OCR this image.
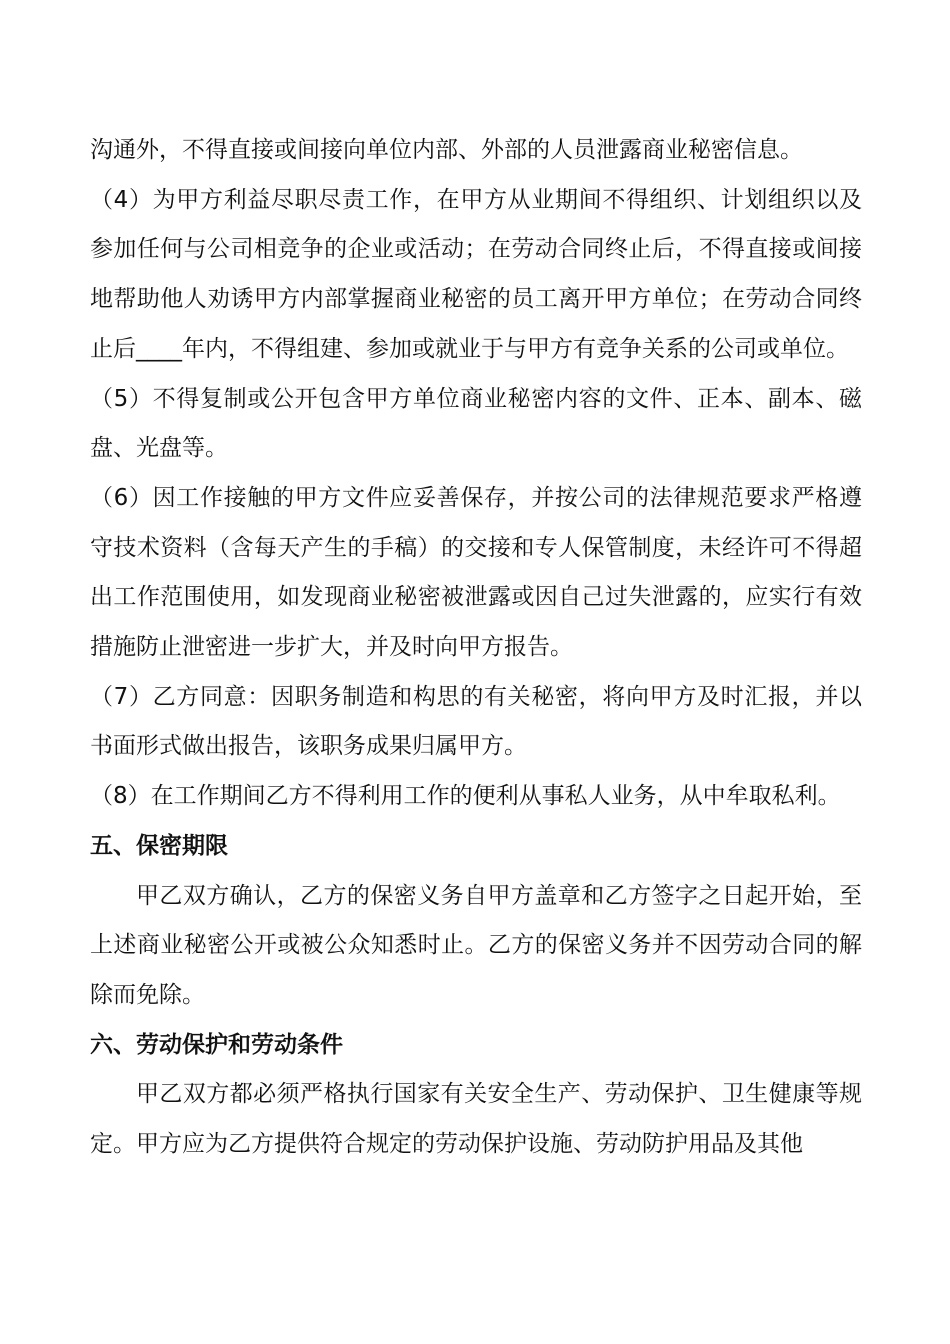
沟通外，不得直接或间接向单位内部、外部的人员泄露商业秘密信息。

（4）为甲方利益尽职尽责工作，在甲方从业期间不得组织、计划组织以及参加任何与公司相竞争的企业或活动；在劳动合同终止后，不得直接或间接地帮助他人劝诱甲方内部掌握商业秘密的员工离开甲方单位；在劳动合同终止后____年内，不得组建、参加或就业于与甲方有竞争关系的公司或单位。

（5）不得复制或公开包含甲方单位商业秘密内容的文件、正本、副本、磁盘、光盘等。

（6）因工作接触的甲方文件应妥善保存，并按公司的法律规范要求严格遵守技术资料（含每天产生的手稿）的交接和专人保管制度，未经许可不得超出工作范围使用，如发现商业秘密被泄露或因自己过失泄露的，应实行有效措施防止泄密进一步扩大，并及时向甲方报告。

（7）乙方同意：因职务制造和构思的有关秘密，将向甲方及时汇报，并以书面形式做出报告，该职务成果归属甲方。

（8）在工作期间乙方不得利用工作的便利从事私人业务，从中牟取私利。

五、保密期限

甲乙双方确认，乙方的保密义务自甲方盖章和乙方签字之日起开始，至上述商业秘密公开或被公众知悉时止。乙方的保密义务并不因劳动合同的解除而免除。

六、劳动保护和劳动条件

甲乙双方都必须严格执行国家有关安全生产、劳动保护、卫生健康等规定。甲方应为乙方提供符合规定的劳动保护设施、劳动防护用品及其他
